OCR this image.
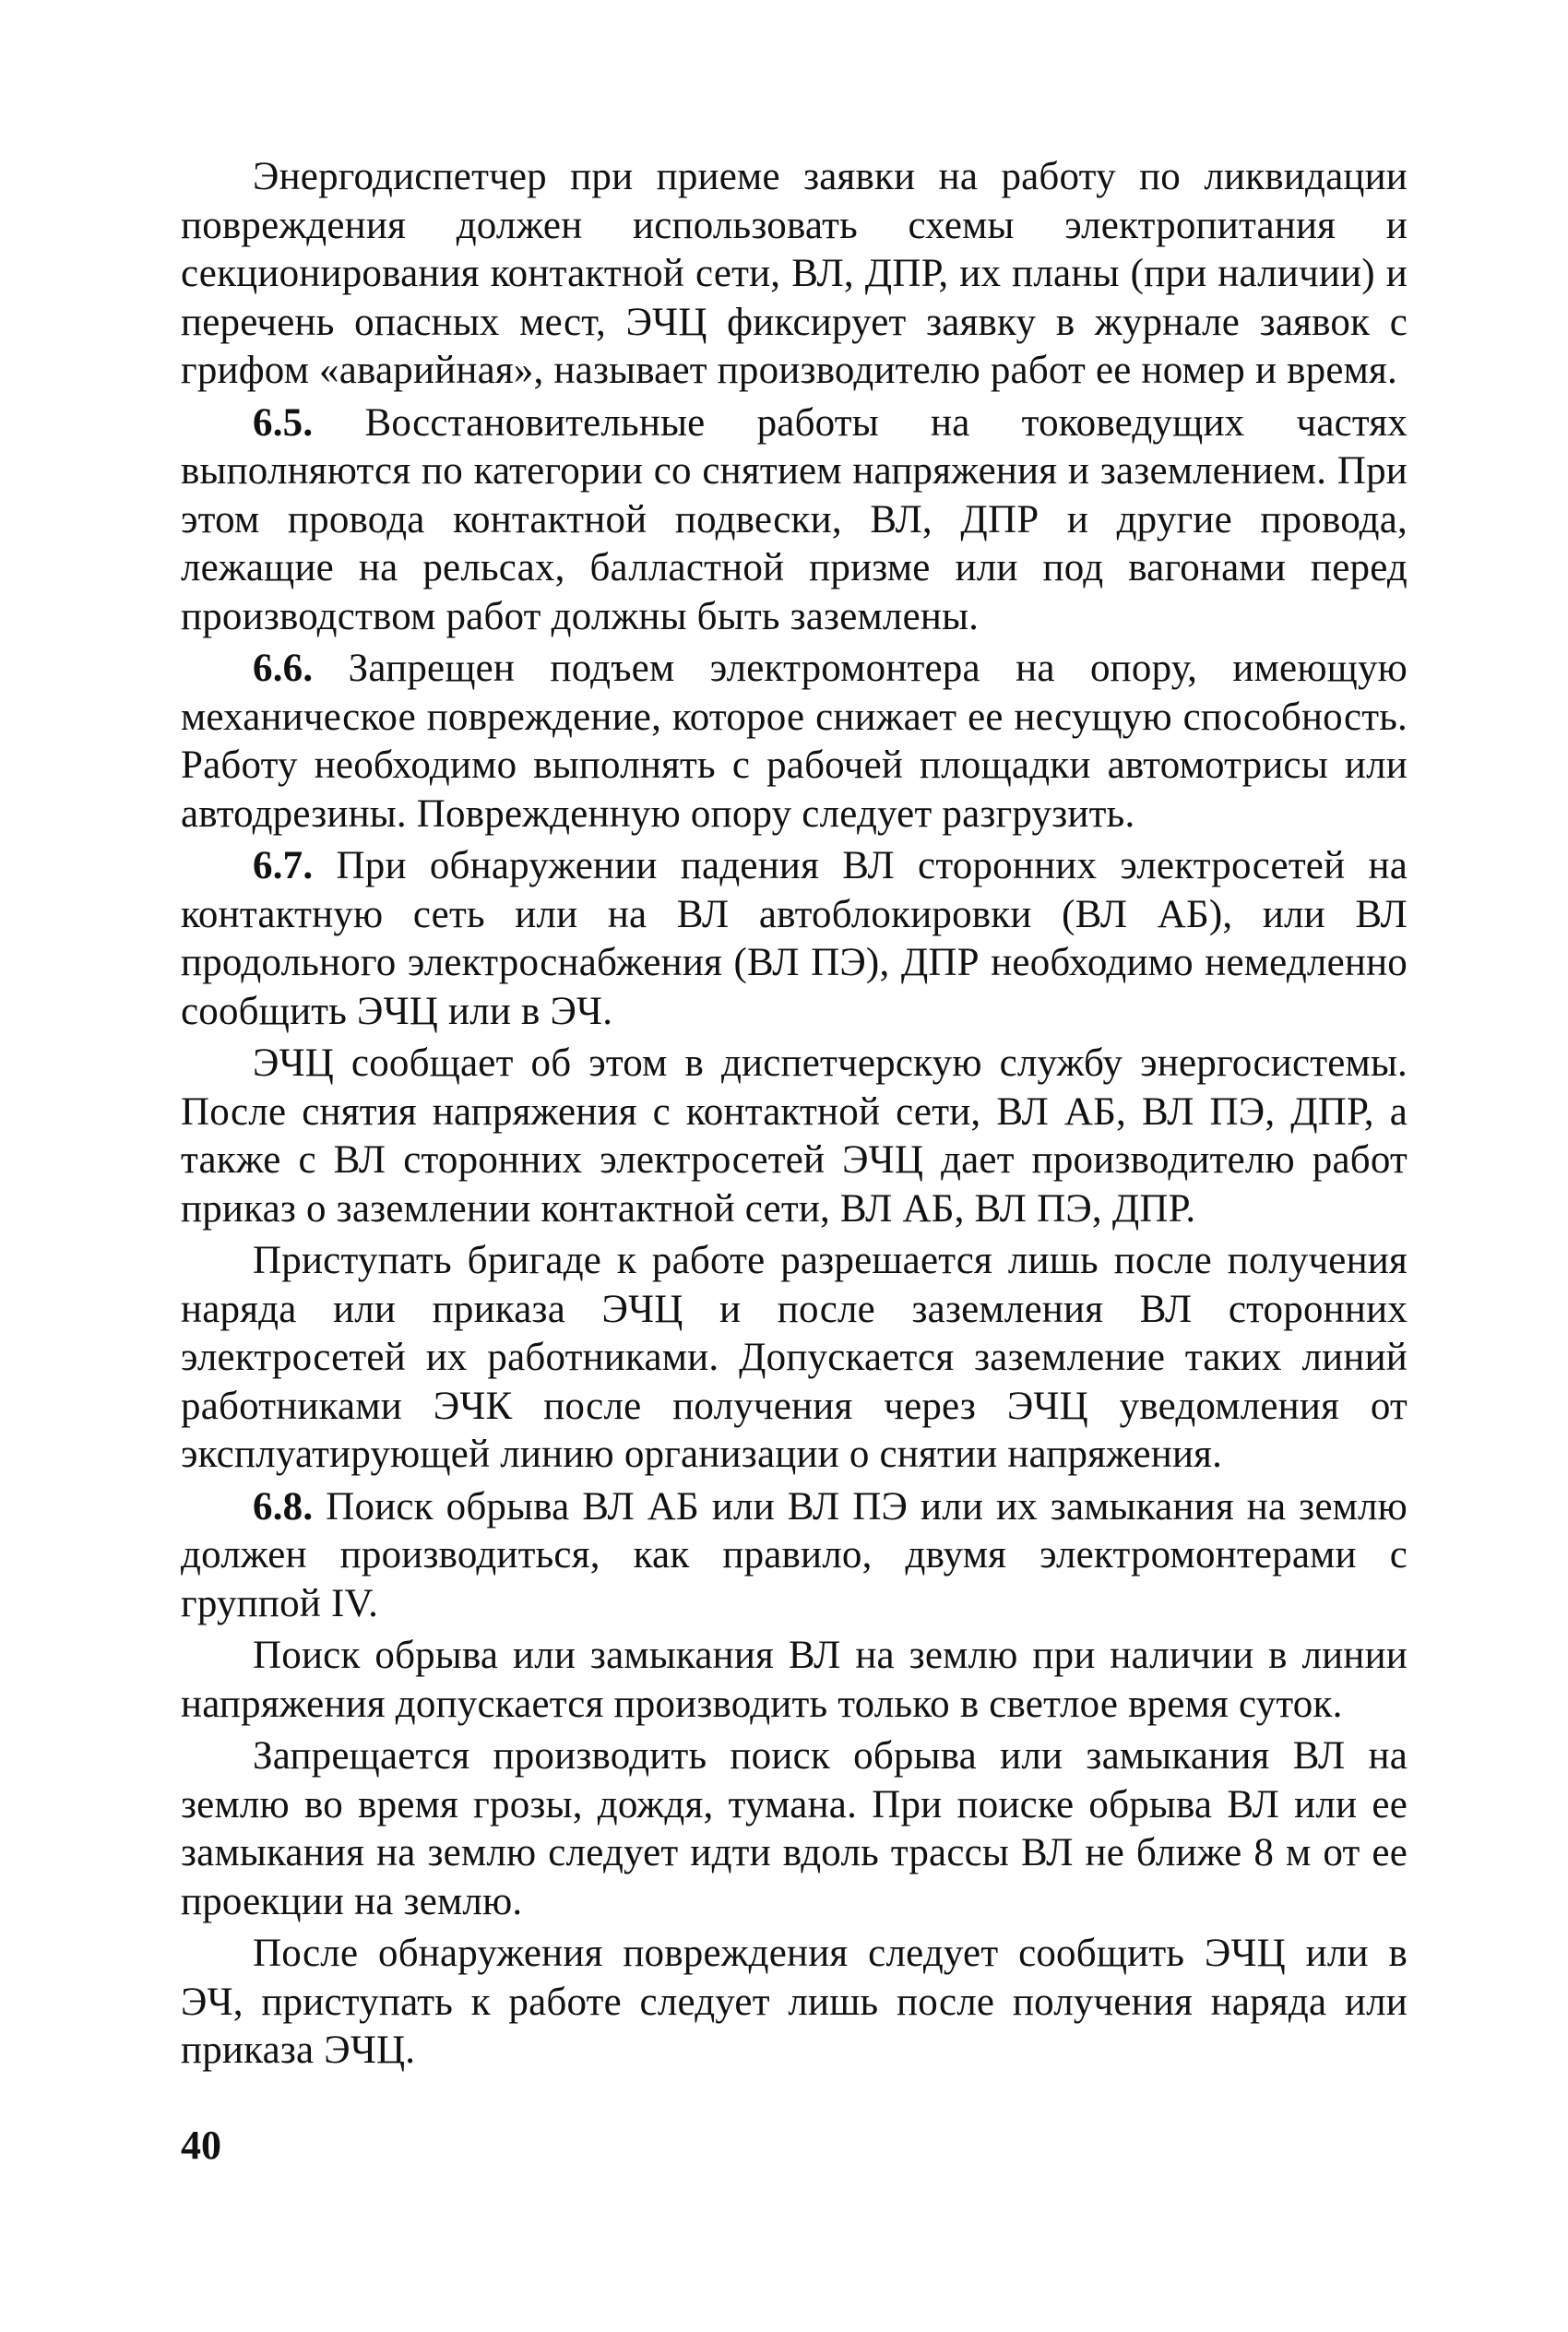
Энергодиспетчер при приеме заявки на работу по ликвидации повреждения должен использовать схемы электропитания и секционирования контактной сети, ВЛ, ДПР, их планы (при наличии) и перечень опасных мест, ЭЧЦ фиксирует заявку в журнале заявок с грифом «аварийная», называет производителю работ ее номер и время.

6.5. Восстановительные работы на токоведущих частях выполняются по категории со снятием напряжения и заземлением. При этом провода контактной подвески, ВЛ, ДПР и другие провода, лежащие на рельсах, балластной призме или под вагонами перед производством работ должны быть заземлены.

6.6. Запрещен подъем электромонтера на опору, имеющую механическое повреждение, которое снижает ее несущую способность. Работу необходимо выполнять с рабочей площадки автомотрисы или автодрезины. Поврежденную опору следует разгрузить.

6.7. При обнаружении падения ВЛ сторонних электросетей на контактную сеть или на ВЛ автоблокировки (ВЛ АБ), или ВЛ продольного электроснабжения (ВЛ ПЭ), ДПР необходимо немедленно сообщить ЭЧЦ или в ЭЧ.

ЭЧЦ сообщает об этом в диспетчерскую службу энергосистемы. После снятия напряжения с контактной сети, ВЛ АБ, ВЛ ПЭ, ДПР, а также с ВЛ сторонних электросетей ЭЧЦ дает производителю работ приказ о заземлении контактной сети, ВЛ АБ, ВЛ ПЭ, ДПР.

Приступать бригаде к работе разрешается лишь после получения наряда или приказа ЭЧЦ и после заземления ВЛ сторонних электросетей их работниками. Допускается заземление таких линий работниками ЭЧК после получения через ЭЧЦ уведомления от эксплуатирующей линию организации о снятии напряжения.

6.8. Поиск обрыва ВЛ АБ или ВЛ ПЭ или их замыкания на землю должен производиться, как правило, двумя электромонтерами с группой IV.

Поиск обрыва или замыкания ВЛ на землю при наличии в линии напряжения допускается производить только в светлое время суток.

Запрещается производить поиск обрыва или замыкания ВЛ на землю во время грозы, дождя, тумана. При поиске обрыва ВЛ или ее замыкания на землю следует идти вдоль трассы ВЛ не ближе 8 м от ее проекции на землю.

После обнаружения повреждения следует сообщить ЭЧЦ или в ЭЧ, приступать к работе следует лишь после получения наряда или приказа ЭЧЦ.

40
